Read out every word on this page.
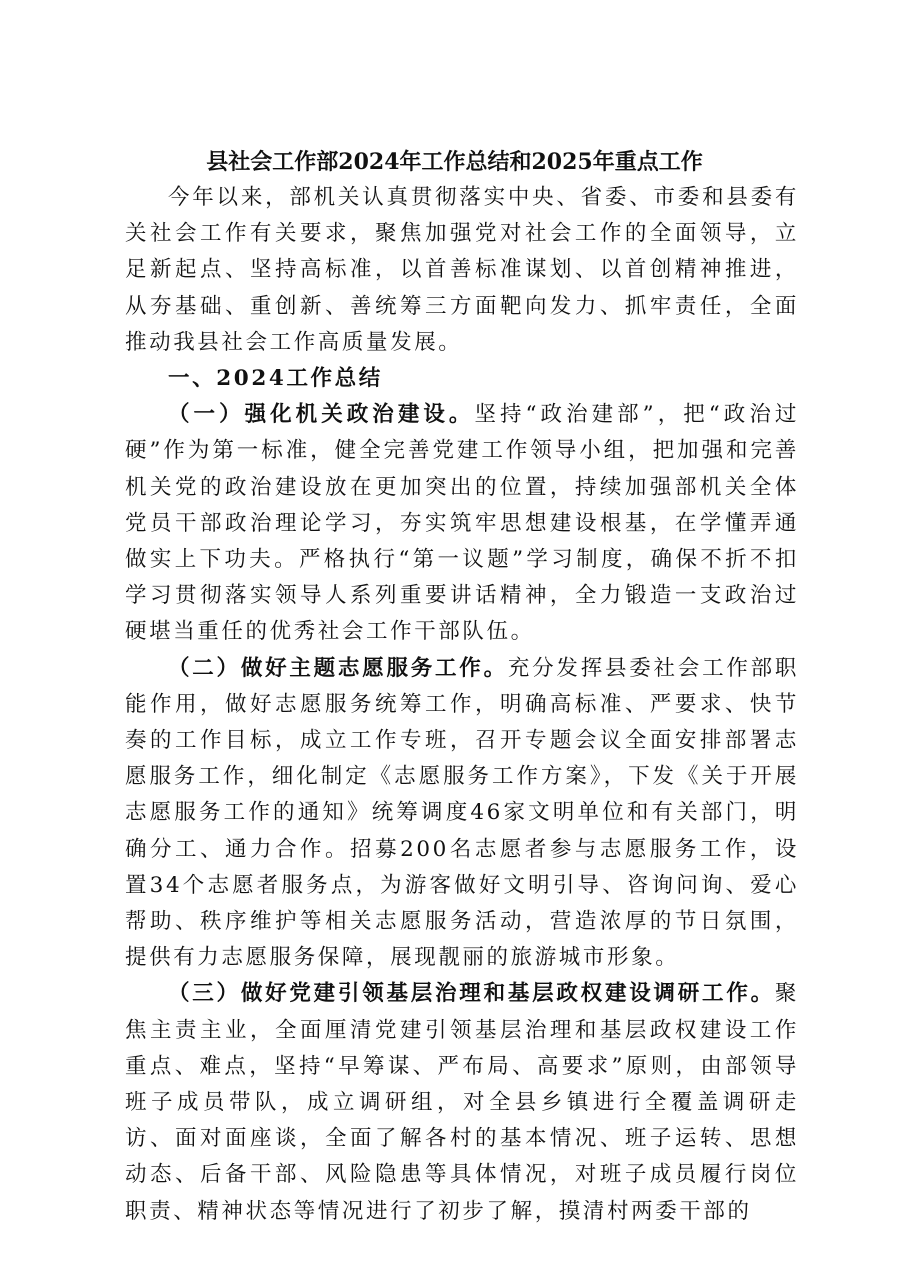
县社会工作部2024年工作总结和2025年重点工作

今年以来，部机关认真贯彻落实中央、省委、市委和县委有关社会工作有关要求，聚焦加强党对社会工作的全面领导，立足新起点、坚持高标准，以首善标准谋划、以首创精神推进，从夯基础、重创新、善统筹三方面靶向发力、抓牢责任，全面推动我县社会工作高质量发展。

一、2024工作总结

（一）强化机关政治建设。坚持“政治建部”，把“政治过硬”作为第一标准，健全完善党建工作领导小组，把加强和完善机关党的政治建设放在更加突出的位置，持续加强部机关全体党员干部政治理论学习，夯实筑牢思想建设根基，在学懂弄通做实上下功夫。严格执行“第一议题”学习制度，确保不折不扣学习贯彻落实领导人系列重要讲话精神，全力锻造一支政治过硬堪当重任的优秀社会工作干部队伍。

（二）做好主题志愿服务工作。充分发挥县委社会工作部职能作用，做好志愿服务统筹工作，明确高标准、严要求、快节奏的工作目标，成立工作专班，召开专题会议全面安排部署志愿服务工作，细化制定《志愿服务工作方案》，下发《关于开展志愿服务工作的通知》统筹调度46家文明单位和有关部门，明确分工、通力合作。招募200名志愿者参与志愿服务工作，设置34个志愿者服务点，为游客做好文明引导、咨询问询、爱心帮助、秩序维护等相关志愿服务活动，营造浓厚的节日氛围，提供有力志愿服务保障，展现靓丽的旅游城市形象。

（三）做好党建引领基层治理和基层政权建设调研工作。聚焦主责主业，全面厘清党建引领基层治理和基层政权建设工作重点、难点，坚持“早筹谋、严布局、高要求”原则，由部领导班子成员带队，成立调研组，对全县乡镇进行全覆盖调研走访、面对面座谈，全面了解各村的基本情况、班子运转、思想动态、后备干部、风险隐患等具体情况，对班子成员履行岗位职责、精神状态等情况进行了初步了解，摸清村两委干部的
